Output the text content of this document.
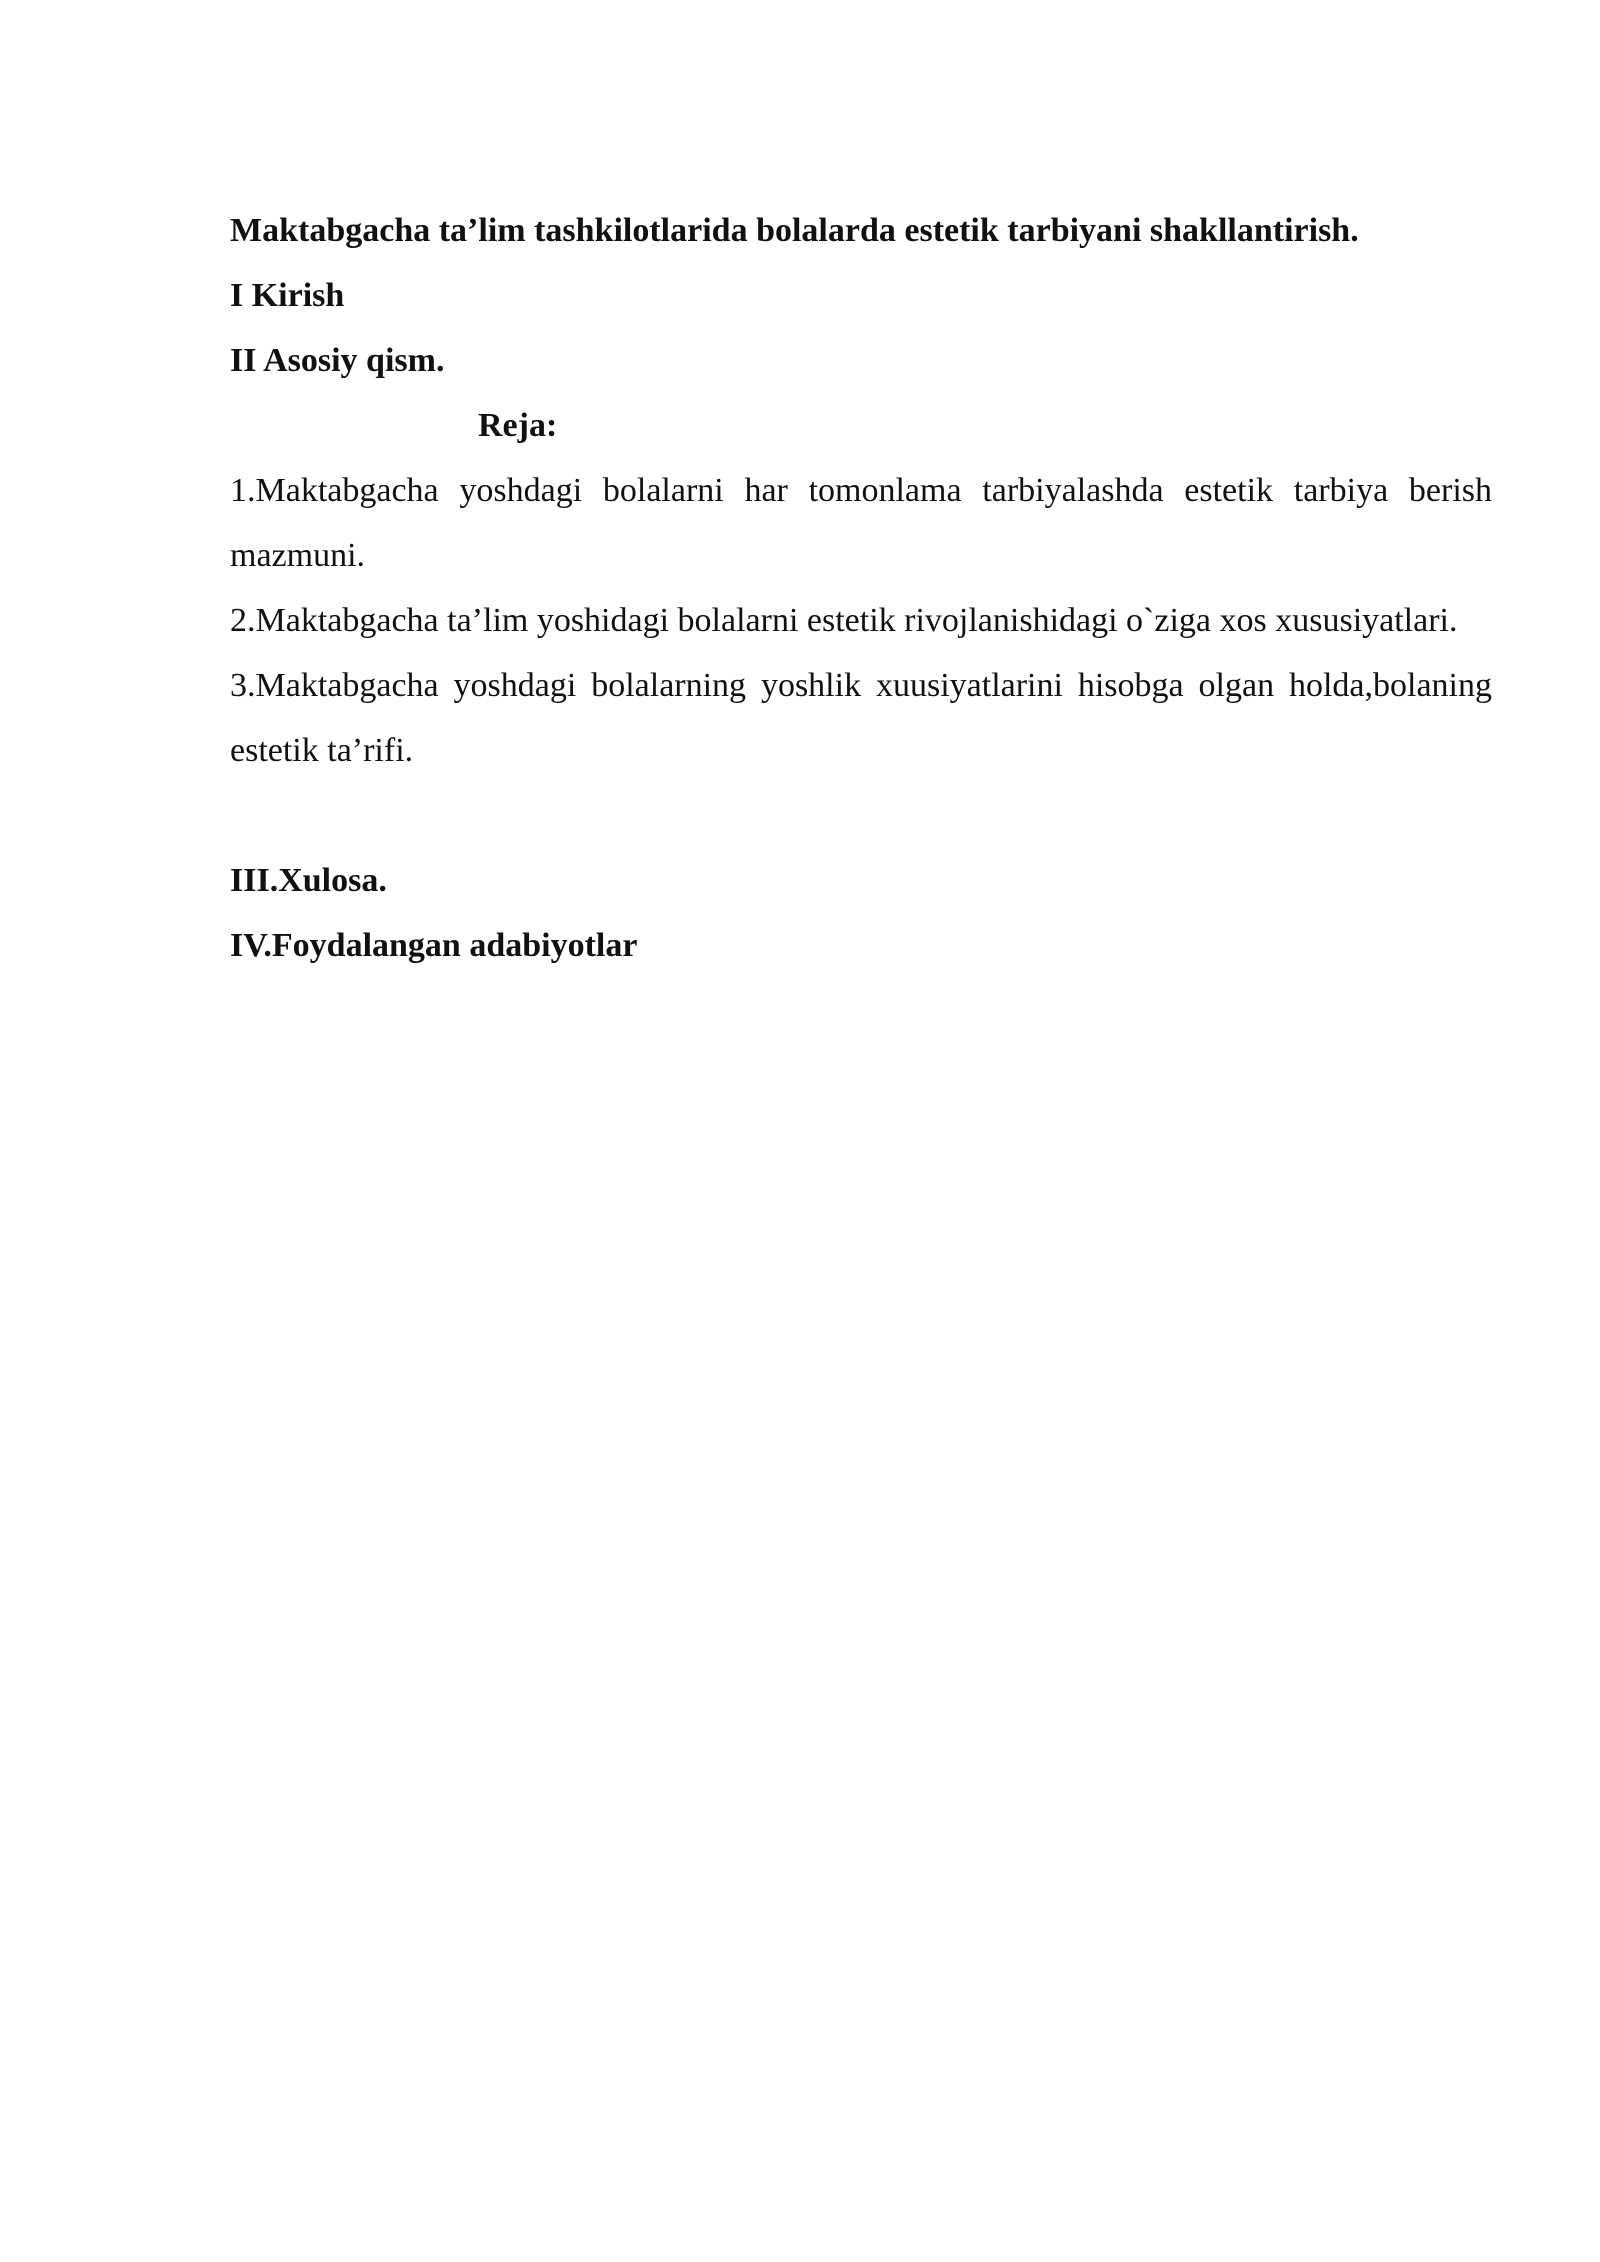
Maktabgacha ta’lim tashkilotlarida bolalarda estetik tarbiyani shakllantirish.

I Kirish

II Asosiy qism.

Reja:

1.Maktabgacha yoshdagi bolalarni har tomonlama tarbiyalashda estetik tarbiya berish mazmuni.

2.Maktabgacha ta’lim yoshidagi bolalarni estetik rivojlanishidagi o`ziga xos xususiyatlari.

3.Maktabgacha yoshdagi bolalarning yoshlik xuusiyatlarini hisobga olgan holda,bolaning estetik ta’rifi.

III.Xulosa.

IV.Foydalangan adabiyotlar
